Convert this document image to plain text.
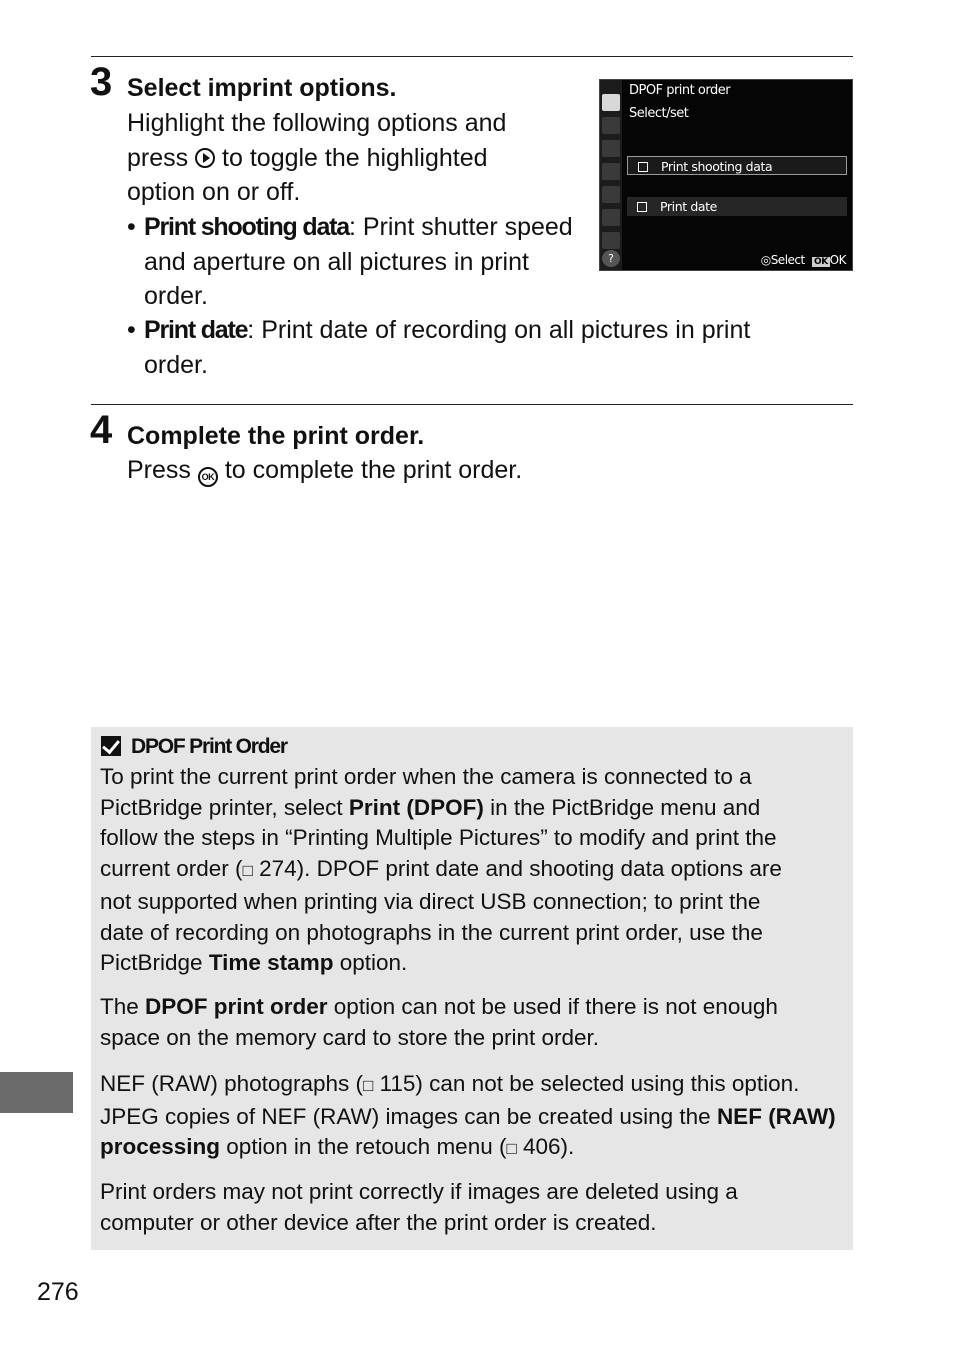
3 Select imprint options.
Highlight the following options and
press to toggle the highlighted
option on or off.
• Print shooting data: Print shutter speed
and aperture on all pictures in print
order.
• Print date: Print date of recording on all pictures in print
order.
?
DPOF print order
Select/set
Print shooting data
Print date
◎Select OK OK
4 Complete the print order.
Press OK to complete the print order.
DPOF Print Order
To print the current print order when the camera is connected to a
PictBridge printer, select Print (DPOF) in the PictBridge menu and
follow the steps in “Printing Multiple Pictures” to modify and print the
current order (□ 274). DPOF print date and shooting data options are
not supported when printing via direct USB connection; to print the
date of recording on photographs in the current print order, use the
PictBridge Time stamp option.
The DPOF print order option can not be used if there is not enough
space on the memory card to store the print order.
NEF (RAW) photographs (□ 115) can not be selected using this option.
JPEG copies of NEF (RAW) images can be created using the NEF (RAW)
processing option in the retouch menu (□ 406).
Print orders may not print correctly if images are deleted using a
computer or other device after the print order is created.
276
